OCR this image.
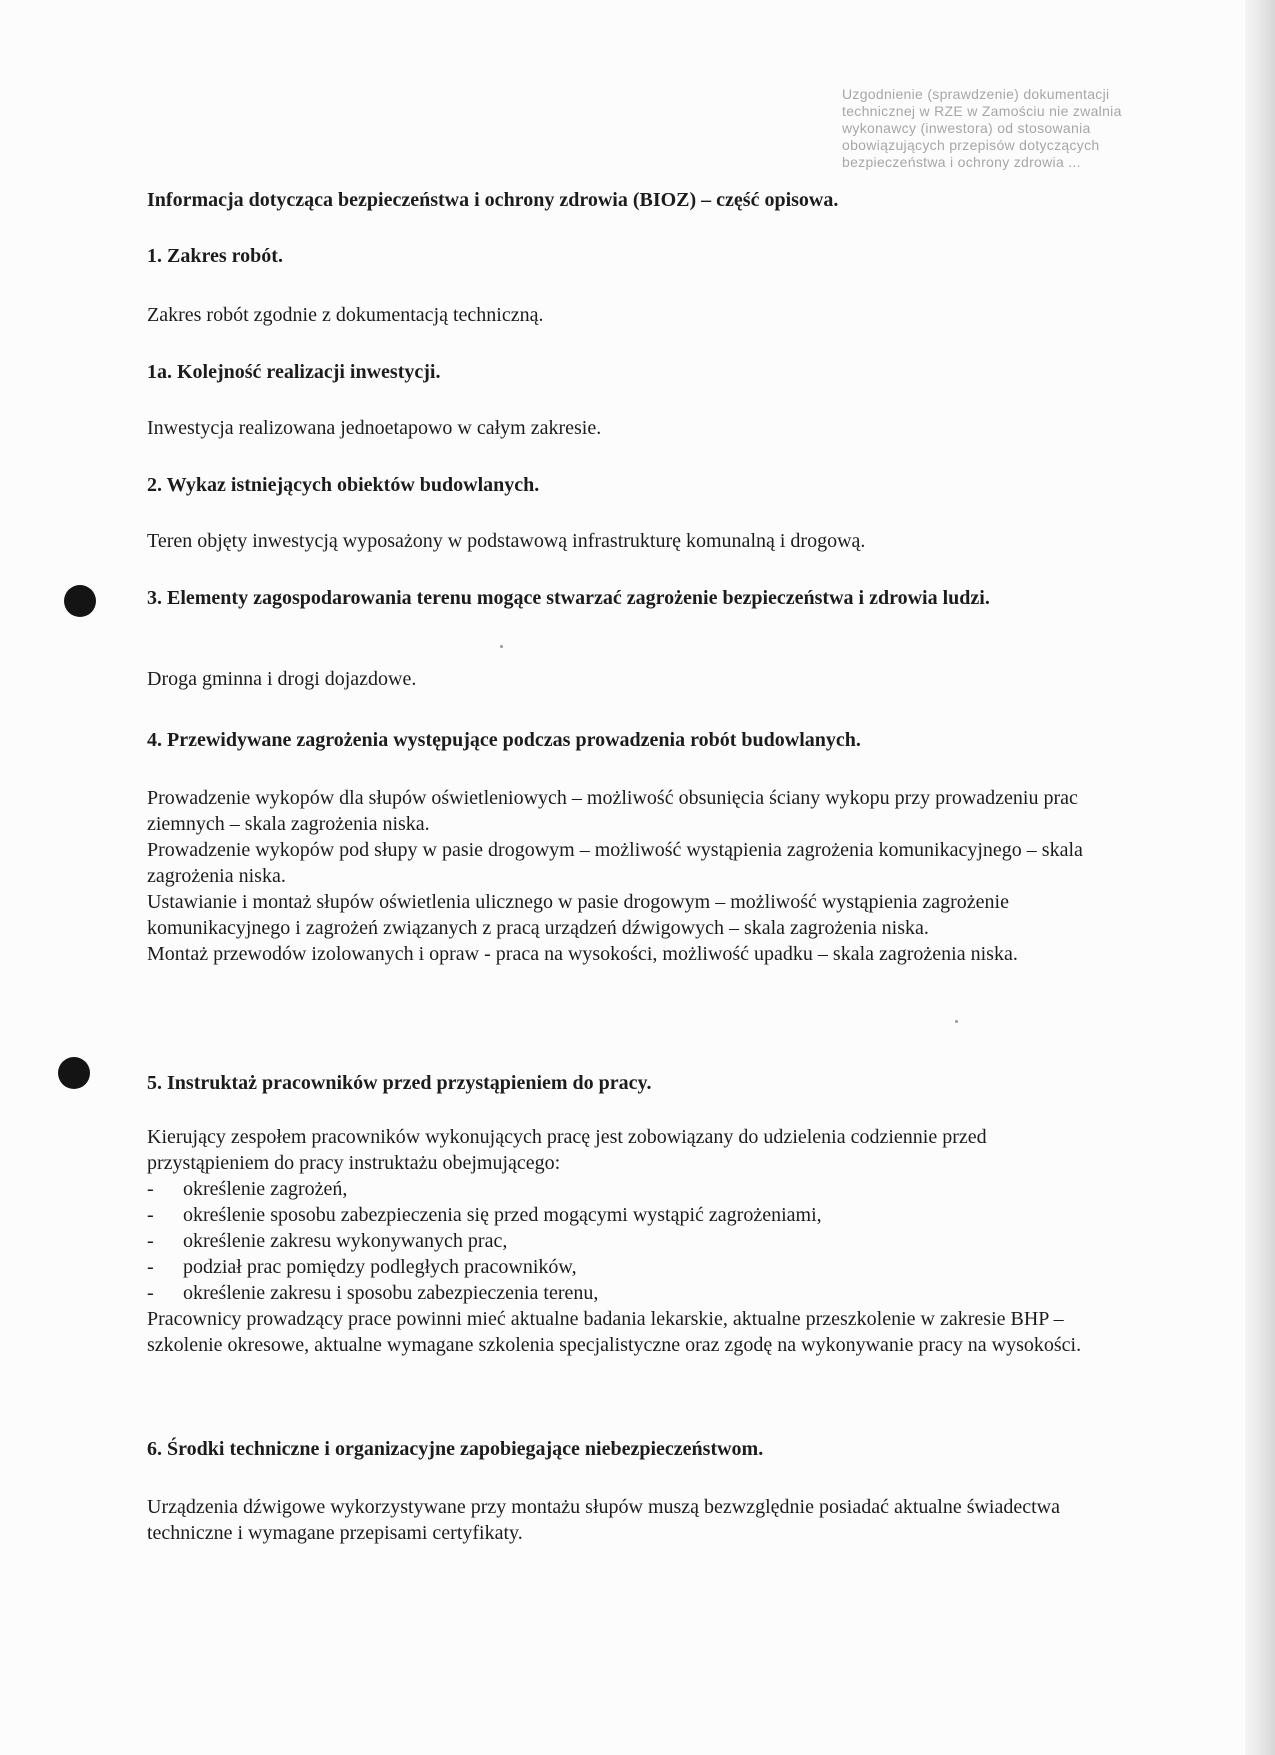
Uzgodnienie (sprawdzenie) dokumentacji
technicznej w RZE w Zamościu nie zwalnia
wykonawcy (inwestora) od stosowania
obowiązujących przepisów dotyczących
bezpieczeństwa i ochrony zdrowia ...
Informacja dotycząca bezpieczeństwa i ochrony zdrowia (BIOZ) – część opisowa.
1. Zakres robót.
Zakres robót zgodnie z dokumentacją techniczną.
1a. Kolejność realizacji inwestycji.
Inwestycja realizowana jednoetapowo w całym zakresie.
2. Wykaz istniejących obiektów budowlanych.
Teren objęty inwestycją wyposażony w podstawową infrastrukturę komunalną i drogową.
3. Elementy zagospodarowania terenu mogące stwarzać zagrożenie bezpieczeństwa i zdrowia ludzi.
Droga gminna i drogi dojazdowe.
4. Przewidywane zagrożenia występujące podczas prowadzenia robót budowlanych.
Prowadzenie wykopów dla słupów oświetleniowych – możliwość obsunięcia ściany wykopu przy prowadzeniu prac ziemnych – skala zagrożenia niska.
Prowadzenie wykopów pod słupy w pasie drogowym – możliwość wystąpienia zagrożenia komunikacyjnego – skala zagrożenia niska.
Ustawianie i montaż słupów oświetlenia ulicznego w pasie drogowym – możliwość wystąpienia zagrożenie komunikacyjnego i zagrożeń związanych z pracą urządzeń dźwigowych – skala zagrożenia niska.
Montaż przewodów izolowanych i opraw - praca na wysokości, możliwość upadku – skala zagrożenia niska.
5. Instruktaż pracowników przed przystąpieniem do pracy.
Kierujący zespołem pracowników wykonujących pracę jest zobowiązany do udzielenia codziennie przed przystąpieniem do pracy instruktażu obejmującego:
- określenie zagrożeń,
- określenie sposobu zabezpieczenia się przed mogącymi wystąpić zagrożeniami,
- określenie zakresu wykonywanych prac,
- podział prac pomiędzy podległych pracowników,
- określenie zakresu i sposobu zabezpieczenia terenu,
Pracownicy prowadzący prace powinni mieć aktualne badania lekarskie, aktualne przeszkolenie w zakresie BHP – szkolenie okresowe, aktualne wymagane szkolenia specjalistyczne oraz zgodę na wykonywanie pracy na wysokości.
6. Środki techniczne i organizacyjne zapobiegające niebezpieczeństwom.
Urządzenia dźwigowe wykorzystywane przy montażu słupów muszą bezwzględnie posiadać aktualne świadectwa techniczne i wymagane przepisami certyfikaty.
